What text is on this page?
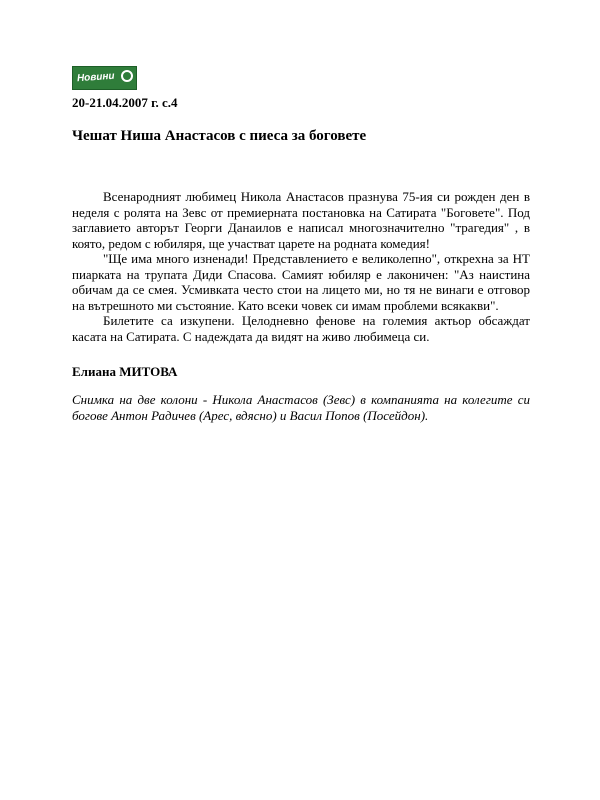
Новини
20-21.04.2007 г. с.4
Чешат Ниша Анастасов с пиеса за боговете

Всенародният любимец Никола Анастасов празнува 75-ия си рожден ден в неделя с ролята на Зевс от премиерната постановка на Сатирата "Боговете". Под заглавието авторът Георги Данаилов е написал многозначително "трагедия" , в която, редом с юбиляря, ще участват царете на родната комедия!

"Ще има много изненади! Представлението е великолепно", открехна за НТ пиарката на трупата Диди Спасова. Самият юбиляр е лаконичен: "Аз наистина обичам да се смея. Усмивката често стои на лицето ми, но тя не винаги е отговор на вътрешното ми състояние. Като всеки човек си имам проблеми всякакви".

Билетите са изкупени. Целодневно фенове на големия актьор обсаждат касата на Сатирата. С надеждата да видят на живо любимеца си.

Елиана МИТОВА
Снимка на две колони - Никола Анастасов (Зевс) в компанията на колегите си богове Антон Радичев (Арес, вдясно) и Васил Попов (Посейдон).
